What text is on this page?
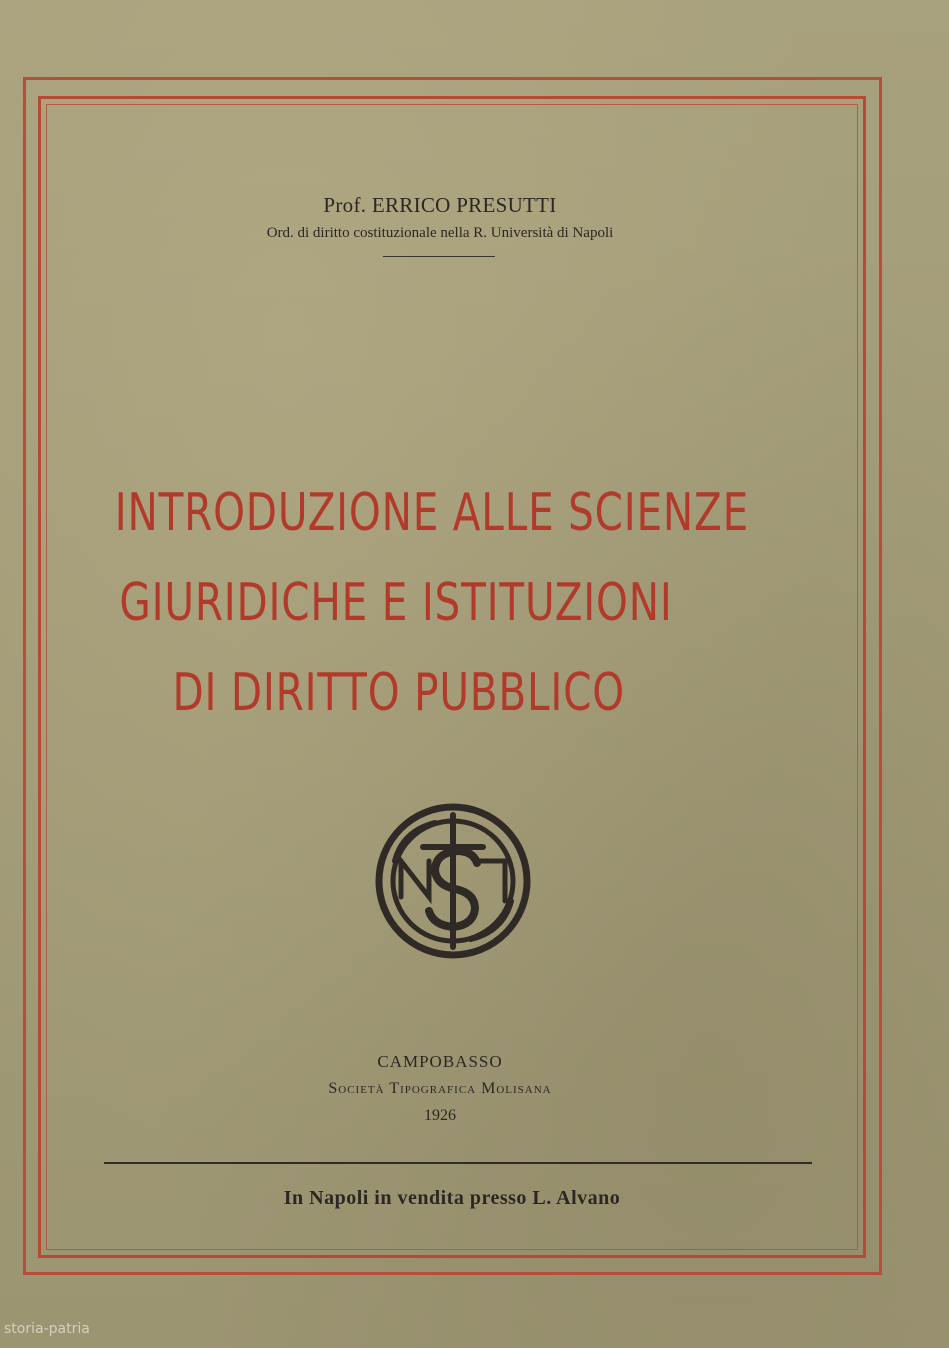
Prof. ERRICO PRESUTTI
Ord. di diritto costituzionale nella R. Università di Napoli
INTRODUZIONE ALLE SCIENZE
GIURIDICHE E ISTITUZIONI
DI DIRITTO PUBBLICO
CAMPOBASSO
Società Tipografica Molisana
1926
In Napoli in vendita presso L. Alvano
storia-patria
